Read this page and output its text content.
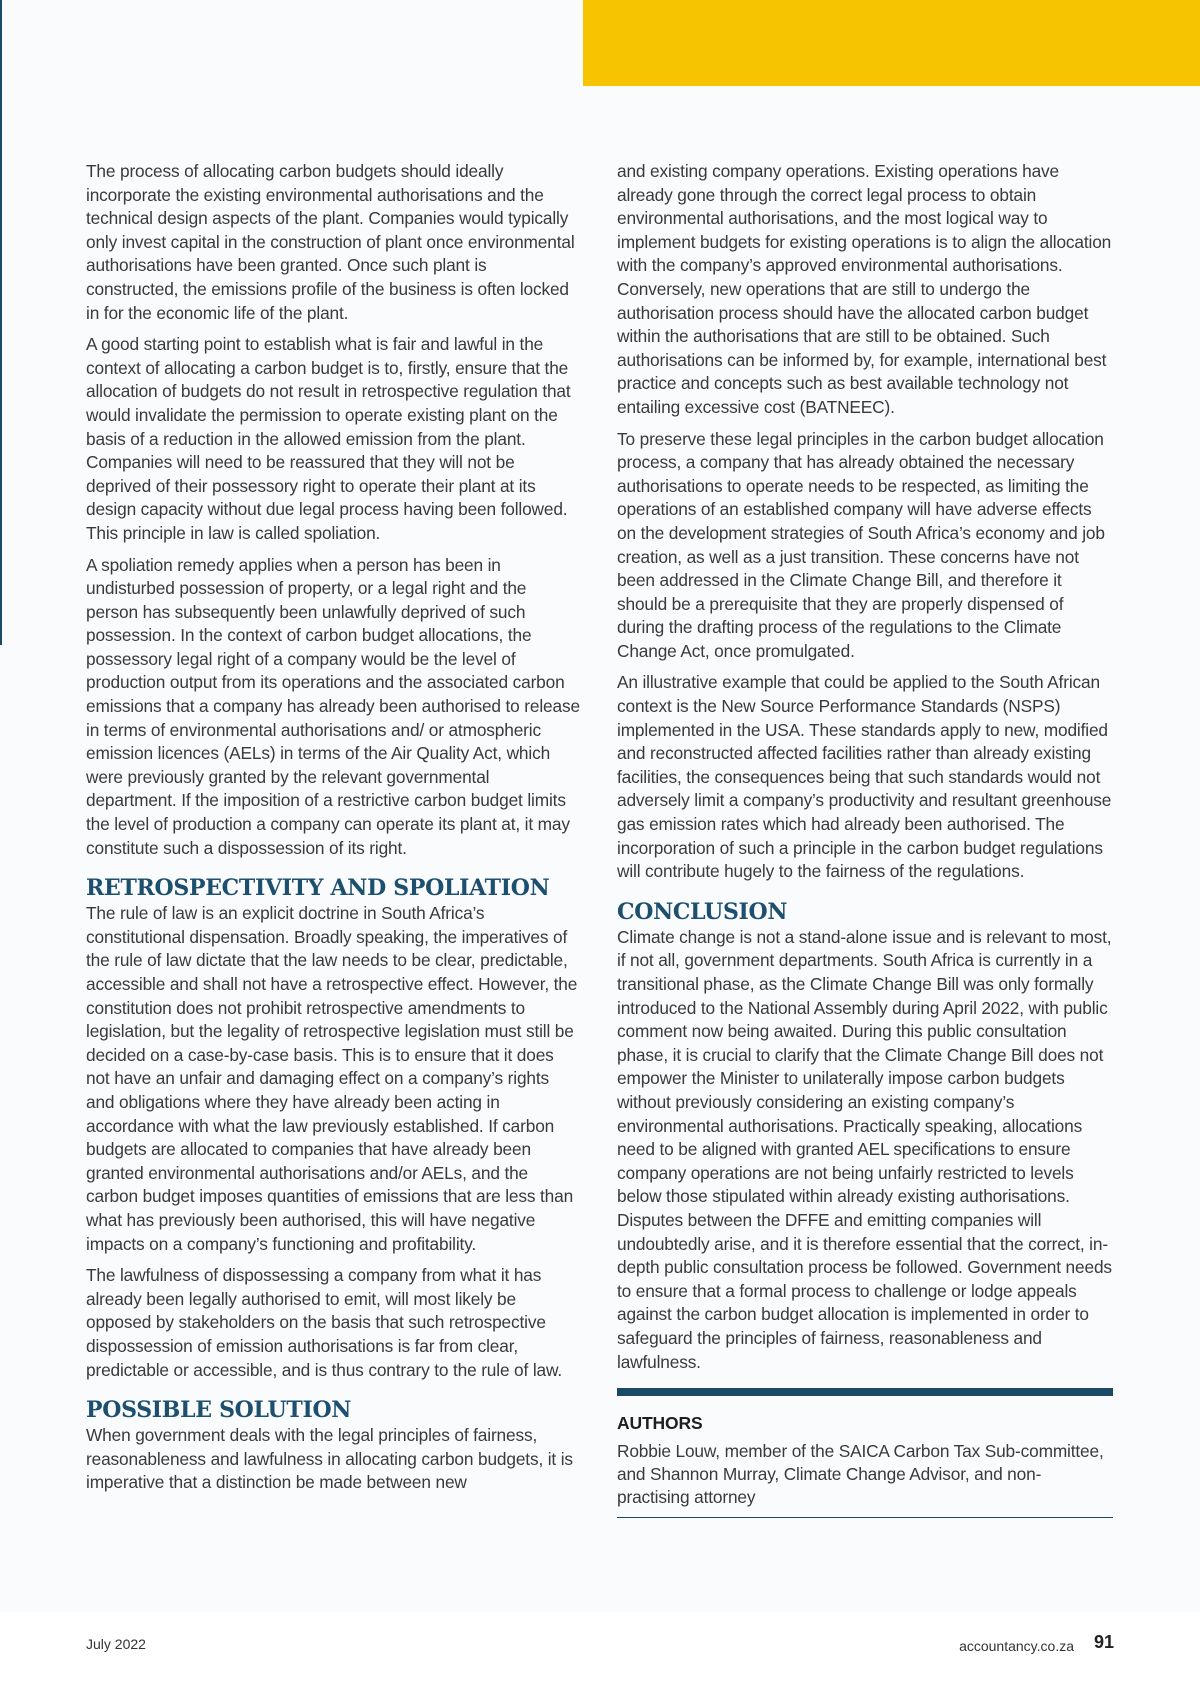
The process of allocating carbon budgets should ideally incorporate the existing environmental authorisations and the technical design aspects of the plant. Companies would typically only invest capital in the construction of plant once environmental authorisations have been granted. Once such plant is constructed, the emissions profile of the business is often locked in for the economic life of the plant.

A good starting point to establish what is fair and lawful in the context of allocating a carbon budget is to, firstly, ensure that the allocation of budgets do not result in retrospective regulation that would invalidate the permission to operate existing plant on the basis of a reduction in the allowed emission from the plant. Companies will need to be reassured that they will not be deprived of their possessory right to operate their plant at its design capacity without due legal process having been followed. This principle in law is called spoliation.

A spoliation remedy applies when a person has been in undisturbed possession of property, or a legal right and the person has subsequently been unlawfully deprived of such possession. In the context of carbon budget allocations, the possessory legal right of a company would be the level of production output from its operations and the associated carbon emissions that a company has already been authorised to release in terms of environmental authorisations and/ or atmospheric emission licences (AELs) in terms of the Air Quality Act, which were previously granted by the relevant governmental department. If the imposition of a restrictive carbon budget limits the level of production a company can operate its plant at, it may constitute such a dispossession of its right.

RETROSPECTIVITY AND SPOLIATION

The rule of law is an explicit doctrine in South Africa’s constitutional dispensation. Broadly speaking, the imperatives of the rule of law dictate that the law needs to be clear, predictable, accessible and shall not have a retrospective effect. However, the constitution does not prohibit retrospective amendments to legislation, but the legality of retrospective legislation must still be decided on a case-by-case basis. This is to ensure that it does not have an unfair and damaging effect on a company’s rights and obligations where they have already been acting in accordance with what the law previously established. If carbon budgets are allocated to companies that have already been granted environmental authorisations and/or AELs, and the carbon budget imposes quantities of emissions that are less than what has previously been authorised, this will have negative impacts on a company’s functioning and profitability.

The lawfulness of dispossessing a company from what it has already been legally authorised to emit, will most likely be opposed by stakeholders on the basis that such retrospective dispossession of emission authorisations is far from clear, predictable or accessible, and is thus contrary to the rule of law.

POSSIBLE SOLUTION

When government deals with the legal principles of fairness, reasonableness and lawfulness in allocating carbon budgets, it is imperative that a distinction be made between new

and existing company operations. Existing operations have already gone through the correct legal process to obtain environmental authorisations, and the most logical way to implement budgets for existing operations is to align the allocation with the company’s approved environmental authorisations. Conversely, new operations that are still to undergo the authorisation process should have the allocated carbon budget within the authorisations that are still to be obtained. Such authorisations can be informed by, for example, international best practice and concepts such as best available technology not entailing excessive cost (BATNEEC).

To preserve these legal principles in the carbon budget allocation process, a company that has already obtained the necessary authorisations to operate needs to be respected, as limiting the operations of an established company will have adverse effects on the development strategies of South Africa’s economy and job creation, as well as a just transition. These concerns have not been addressed in the Climate Change Bill, and therefore it should be a prerequisite that they are properly dispensed of during the drafting process of the regulations to the Climate Change Act, once promulgated.

An illustrative example that could be applied to the South African context is the New Source Performance Standards (NSPS) implemented in the USA. These standards apply to new, modified and reconstructed affected facilities rather than already existing facilities, the consequences being that such standards would not adversely limit a company’s productivity and resultant greenhouse gas emission rates which had already been authorised. The incorporation of such a principle in the carbon budget regulations will contribute hugely to the fairness of the regulations.

CONCLUSION

Climate change is not a stand-alone issue and is relevant to most, if not all, government departments. South Africa is currently in a transitional phase, as the Climate Change Bill was only formally introduced to the National Assembly during April 2022, with public comment now being awaited. During this public consultation phase, it is crucial to clarify that the Climate Change Bill does not empower the Minister to unilaterally impose carbon budgets without previously considering an existing company’s environmental authorisations. Practically speaking, allocations need to be aligned with granted AEL specifications to ensure company operations are not being unfairly restricted to levels below those stipulated within already existing authorisations. Disputes between the DFFE and emitting companies will undoubtedly arise, and it is therefore essential that the correct, in-depth public consultation process be followed. Government needs to ensure that a formal process to challenge or lodge appeals against the carbon budget allocation is implemented in order to safeguard the principles of fairness, reasonableness and lawfulness.

AUTHORS

Robbie Louw, member of the SAICA Carbon Tax Sub-committee, and Shannon Murray, Climate Change Advisor, and non-practising attorney

July 2022	accountancy.co.za 91
